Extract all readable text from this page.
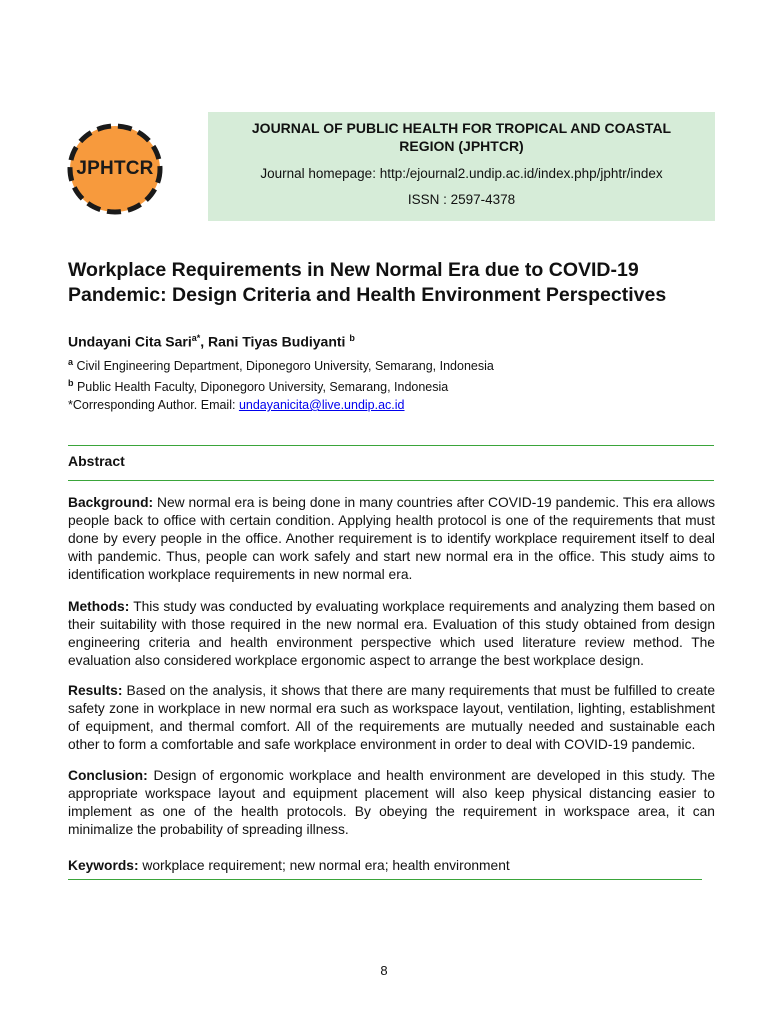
JPHTCR
JOURNAL OF PUBLIC HEALTH FOR TROPICAL AND COASTAL REGION (JPHTCR)
Journal homepage: http:/ejournal2.undip.ac.id/index.php/jphtr/index
ISSN : 2597-4378
Workplace Requirements in New Normal Era due to COVID-19 Pandemic: Design Criteria and Health Environment Perspectives
Undayani Cita Sari$^{a*}$, Rani Tiyas Budiyanti $^b$
$^a$ Civil Engineering Department, Diponegoro University, Semarang, Indonesia
$^b$ Public Health Faculty, Diponegoro University, Semarang, Indonesia
*Corresponding Author. Email: undayanicita@live.undip.ac.id
Abstract
Background: New normal era is being done in many countries after COVID-19 pandemic. This era allows people back to office with certain condition. Applying health protocol is one of the requirements that must done by every people in the office. Another requirement is to identify workplace requirement itself to deal with pandemic. Thus, people can work safely and start new normal era in the office. This study aims to identification workplace requirements in new normal era.
Methods: This study was conducted by evaluating workplace requirements and analyzing them based on their suitability with those required in the new normal era. Evaluation of this study obtained from design engineering criteria and health environment perspective which used literature review method. The evaluation also considered workplace ergonomic aspect to arrange the best workplace design.
Results: Based on the analysis, it shows that there are many requirements that must be fulfilled to create safety zone in workplace in new normal era such as workspace layout, ventilation, lighting, establishment of equipment, and thermal comfort. All of the requirements are mutually needed and sustainable each other to form a comfortable and safe workplace environment in order to deal with COVID-19 pandemic.
Conclusion: Design of ergonomic workplace and health environment are developed in this study. The appropriate workspace layout and equipment placement will also keep physical distancing easier to implement as one of the health protocols. By obeying the requirement in workspace area, it can minimalize the probability of spreading illness.
Keywords: workplace requirement; new normal era; health environment
8
